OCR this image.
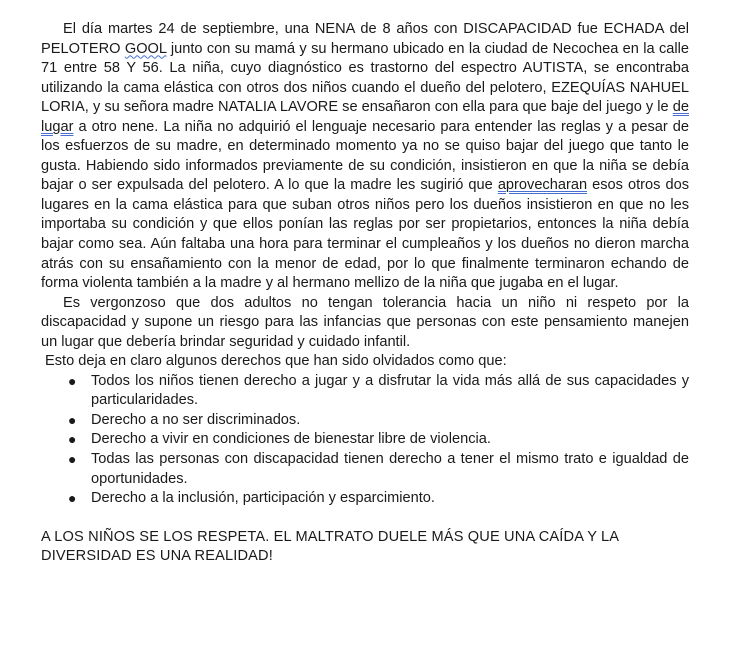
El día martes 24 de septiembre, una NENA de 8 años con DISCAPACIDAD fue ECHADA del PELOTERO GOOL junto con su mamá y su hermano ubicado en la ciudad de Necochea en la calle 71 entre 58 Y 56. La niña, cuyo diagnóstico es trastorno del espectro AUTISTA, se encontraba utilizando la cama elástica con otros dos niños cuando el dueño del pelotero, EZEQUÍAS NAHUEL LORIA, y su señora madre NATALIA LAVORE se ensañaron con ella para que baje del juego y le de lugar a otro nene. La niña no adquirió el lenguaje necesario para entender las reglas y a pesar de los esfuerzos de su madre, en determinado momento ya no se quiso bajar del juego que tanto le gusta. Habiendo sido informados previamente de su condición, insistieron en que la niña se debía bajar o ser expulsada del pelotero. A lo que la madre les sugirió que aprovecharan esos otros dos lugares en la cama elástica para que suban otros niños pero los dueños insistieron en que no les importaba su condición y que ellos ponían las reglas por ser propietarios, entonces la niña debía bajar como sea. Aún faltaba una hora para terminar el cumpleaños y los dueños no dieron marcha atrás con su ensañamiento con la menor de edad, por lo que finalmente terminaron echando de forma violenta también a la madre y al hermano mellizo de la niña que jugaba en el lugar.

Es vergonzoso que dos adultos no tengan tolerancia hacia un niño ni respeto por la discapacidad y supone un riesgo para las infancias que personas con este pensamiento manejen un lugar que debería brindar seguridad y cuidado infantil.

Esto deja en claro algunos derechos que han sido olvidados como que:

● Todos los niños tienen derecho a jugar y a disfrutar la vida más allá de sus capacidades y particularidades.
● Derecho a no ser discriminados.
● Derecho a vivir en condiciones de bienestar libre de violencia.
● Todas las personas con discapacidad tienen derecho a tener el mismo trato e igualdad de oportunidades.
● Derecho a la inclusión, participación y esparcimiento.

A LOS NIÑOS SE LOS RESPETA. EL MALTRATO DUELE MÁS QUE UNA CAÍDA Y LA DIVERSIDAD ES UNA REALIDAD!
